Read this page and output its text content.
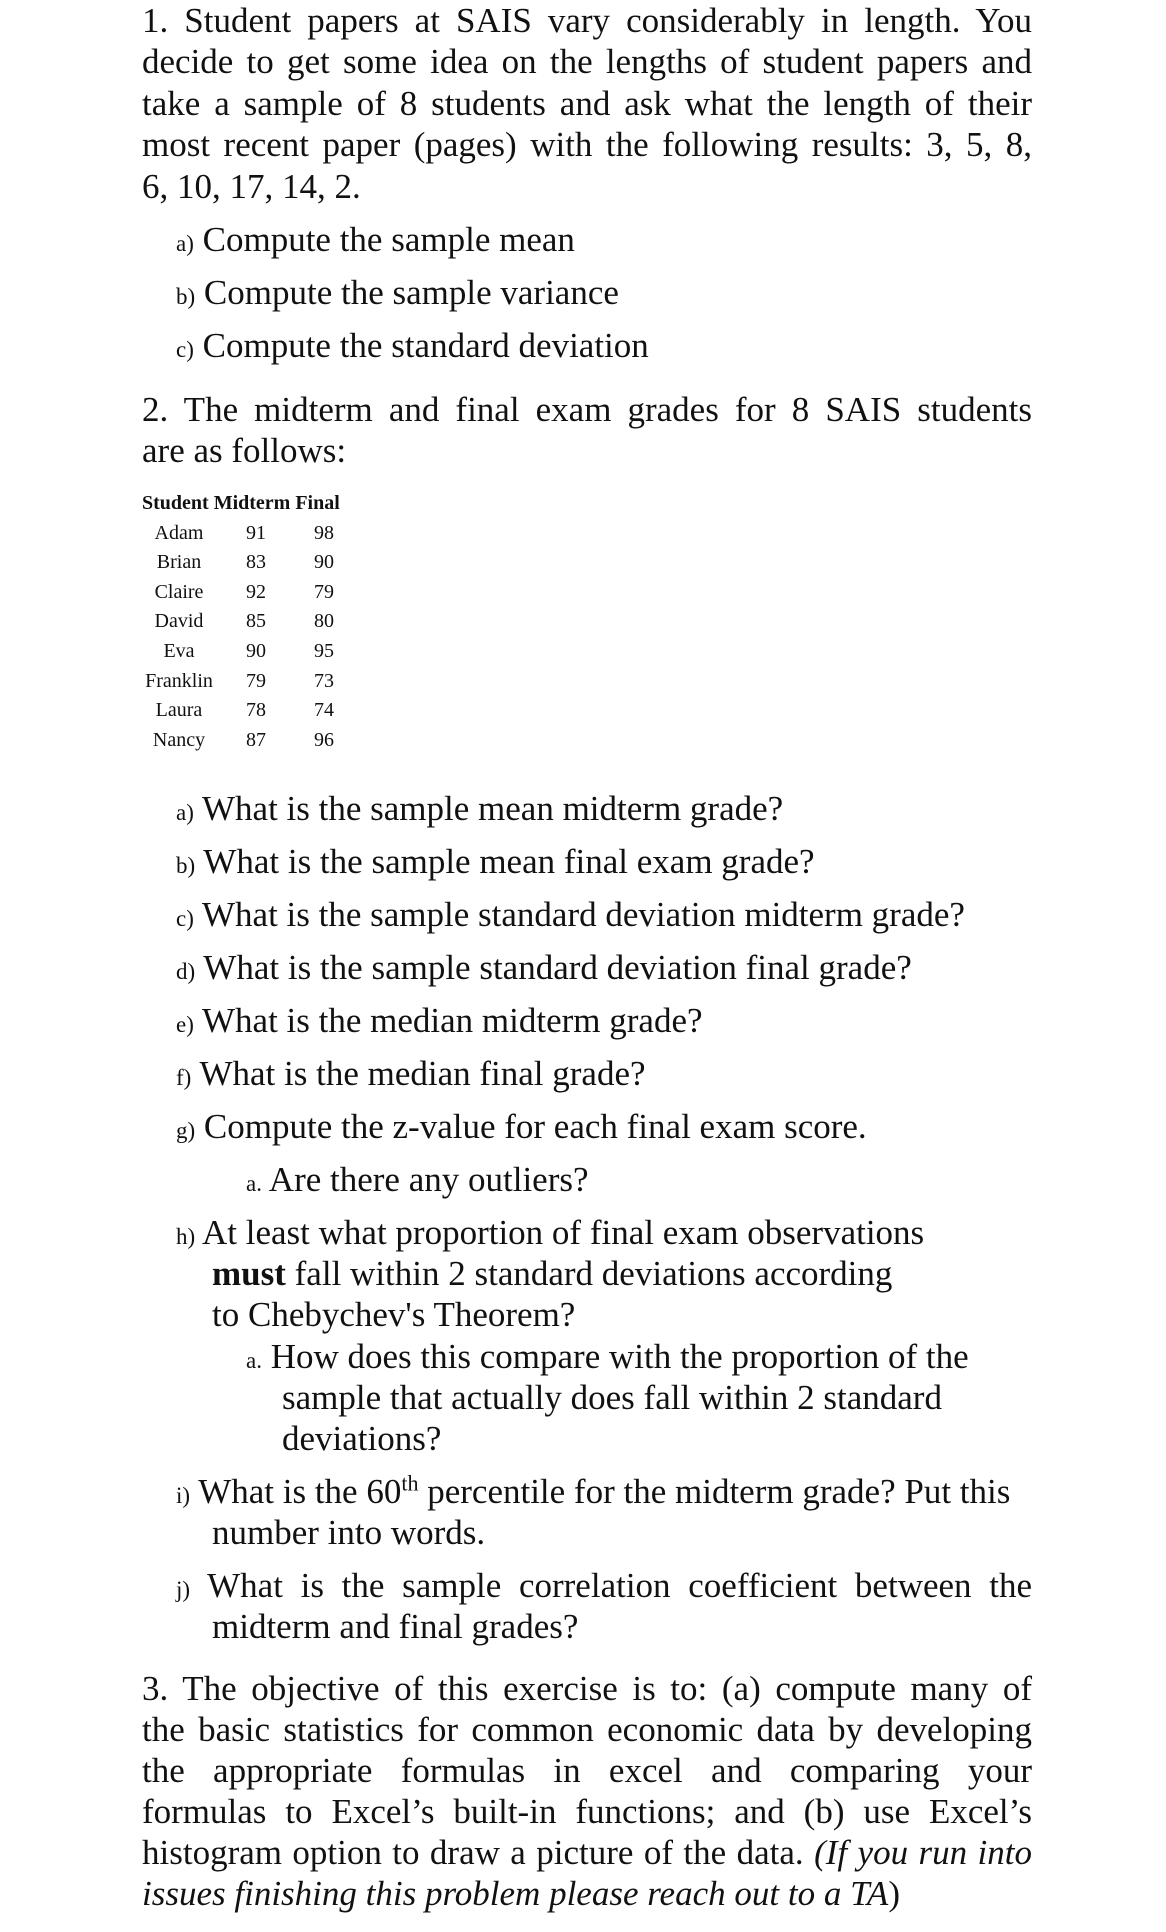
1. Student papers at SAIS vary considerably in length. You
decide to get some idea on the lengths of student papers and
take a sample of 8 students and ask what the length of their
most recent paper (pages) with the following results: 3, 5, 8,
6, 10, 17, 14, 2.
a) Compute the sample mean
b) Compute the sample variance
c) Compute the standard deviation
2. The midterm and final exam grades for 8 SAIS students
are as follows:
Student Midterm Final
Adam	91	98
Brian	83	90
Claire	92	79
David	85	80
Eva	90	95
Franklin	79	73
Laura	78	74
Nancy	87	96
a) What is the sample mean midterm grade?
b) What is the sample mean final exam grade?
c) What is the sample standard deviation midterm grade?
d) What is the sample standard deviation final grade?
e) What is the median midterm grade?
f) What is the median final grade?
g) Compute the z-value for each final exam score.
a. Are there any outliers?
h) At least what proportion of final exam observations
must fall within 2 standard deviations according
to Chebychev's Theorem?
a. How does this compare with the proportion of the
sample that actually does fall within 2 standard
deviations?
i) What is the 60th percentile for the midterm grade? Put this
number into words.
j) What is the sample correlation coefficient between the
midterm and final grades?
3. The objective of this exercise is to: (a) compute many of
the basic statistics for common economic data by developing
the appropriate formulas in excel and comparing your
formulas to Excel’s built-in functions; and (b) use Excel’s
histogram option to draw a picture of the data. (If you run into
issues finishing this problem please reach out to a TA)
